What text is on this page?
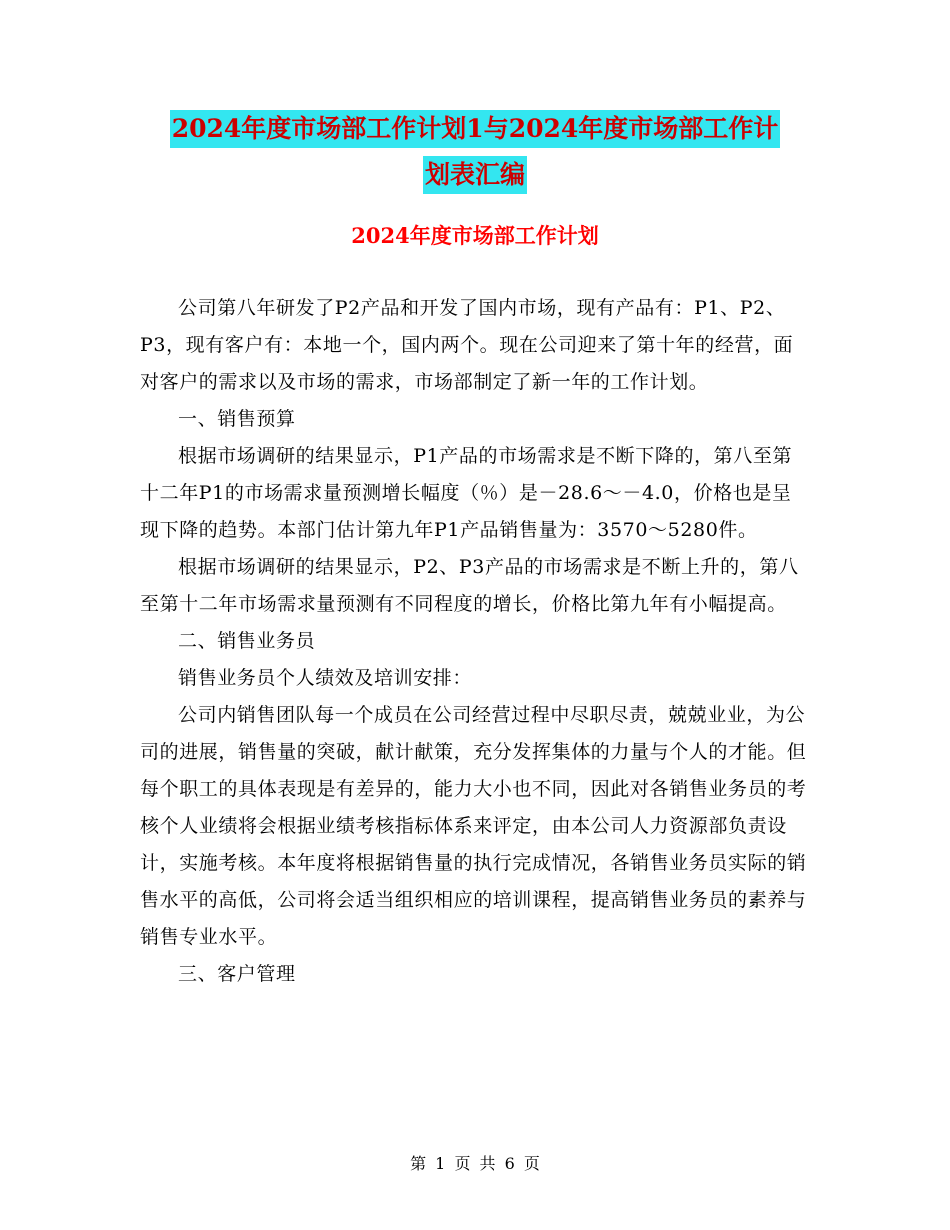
2024年度市场部工作计划1与2024年度市场部工作计
划表汇编
2024年度市场部工作计划

公司第八年研发了P2产品和开发了国内市场，现有产品有：P1、P2、P3，现有客户有：本地一个，国内两个。现在公司迎来了第十年的经营，面对客户的需求以及市场的需求，市场部制定了新一年的工作计划。

一、销售预算

根据市场调研的结果显示，P1产品的市场需求是不断下降的，第八至第十二年P1的市场需求量预测增长幅度（％）是－28.6～－4.0，价格也是呈现下降的趋势。本部门估计第九年P1产品销售量为：3570～5280件。

根据市场调研的结果显示，P2、P3产品的市场需求是不断上升的，第八至第十二年市场需求量预测有不同程度的增长，价格比第九年有小幅提高。

二、销售业务员

销售业务员个人绩效及培训安排：

公司内销售团队每一个成员在公司经营过程中尽职尽责，兢兢业业，为公司的进展，销售量的突破，献计献策，充分发挥集体的力量与个人的才能。但每个职工的具体表现是有差异的，能力大小也不同，因此对各销售业务员的考核个人业绩将会根据业绩考核指标体系来评定，由本公司人力资源部负责设计，实施考核。本年度将根据销售量的执行完成情况，各销售业务员实际的销售水平的高低，公司将会适当组织相应的培训课程，提高销售业务员的素养与销售专业水平。

三、客户管理

第 1 页 共 6 页
